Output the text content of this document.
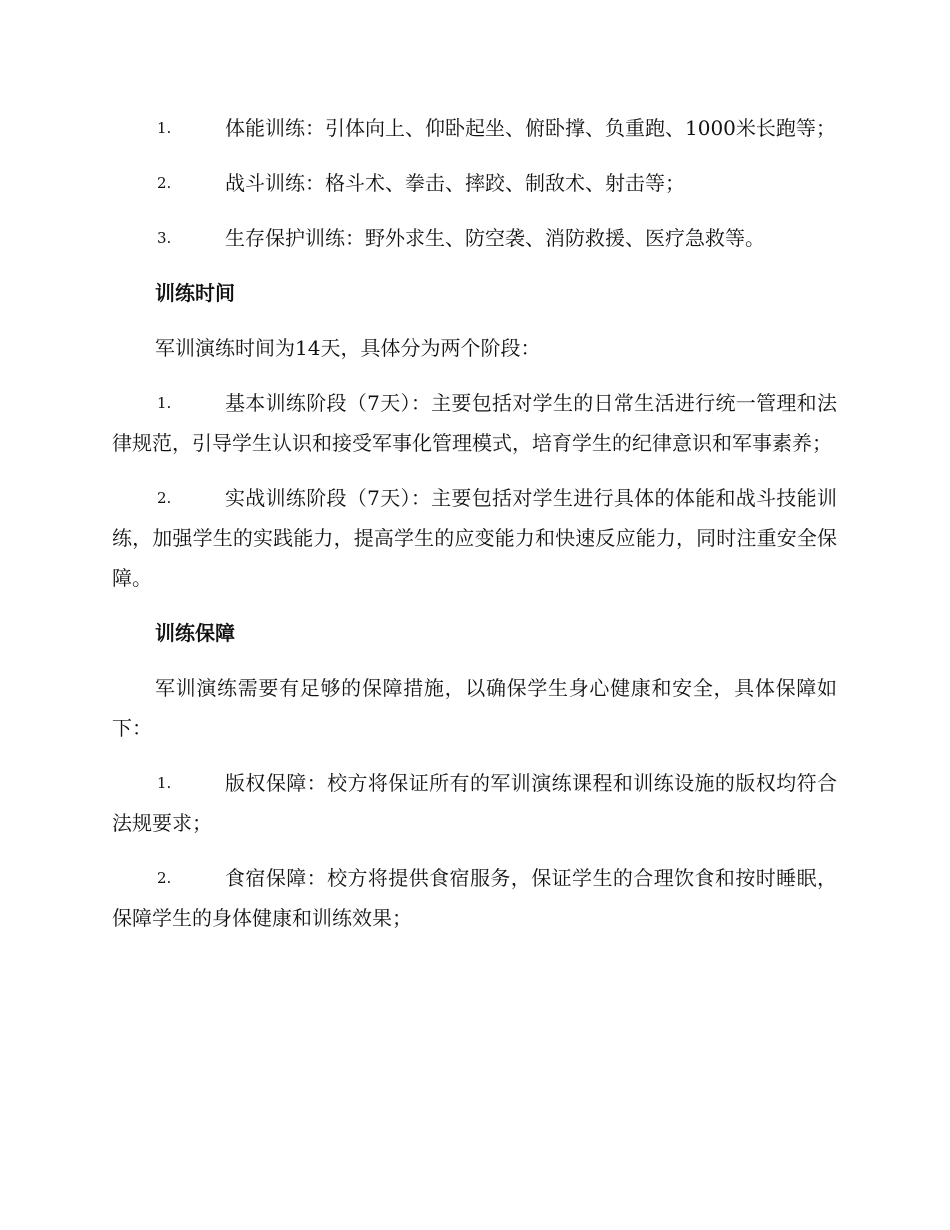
1.	体能训练：引体向上、仰卧起坐、俯卧撑、负重跑、1000米长跑等；
2.	战斗训练：格斗术、拳击、摔跤、制敌术、射击等；
3.	生存保护训练：野外求生、防空袭、消防救援、医疗急救等。
训练时间
军训演练时间为14天，具体分为两个阶段：
1.	基本训练阶段（7天）：主要包括对学生的日常生活进行统一管理和法律规范，引导学生认识和接受军事化管理模式，培育学生的纪律意识和军事素养；
2.	实战训练阶段（7天）：主要包括对学生进行具体的体能和战斗技能训练，加强学生的实践能力，提高学生的应变能力和快速反应能力，同时注重安全保障。
训练保障
军训演练需要有足够的保障措施，以确保学生身心健康和安全，具体保障如下：
1.	版权保障：校方将保证所有的军训演练课程和训练设施的版权均符合法规要求；
2.	食宿保障：校方将提供食宿服务，保证学生的合理饮食和按时睡眠，保障学生的身体健康和训练效果；
